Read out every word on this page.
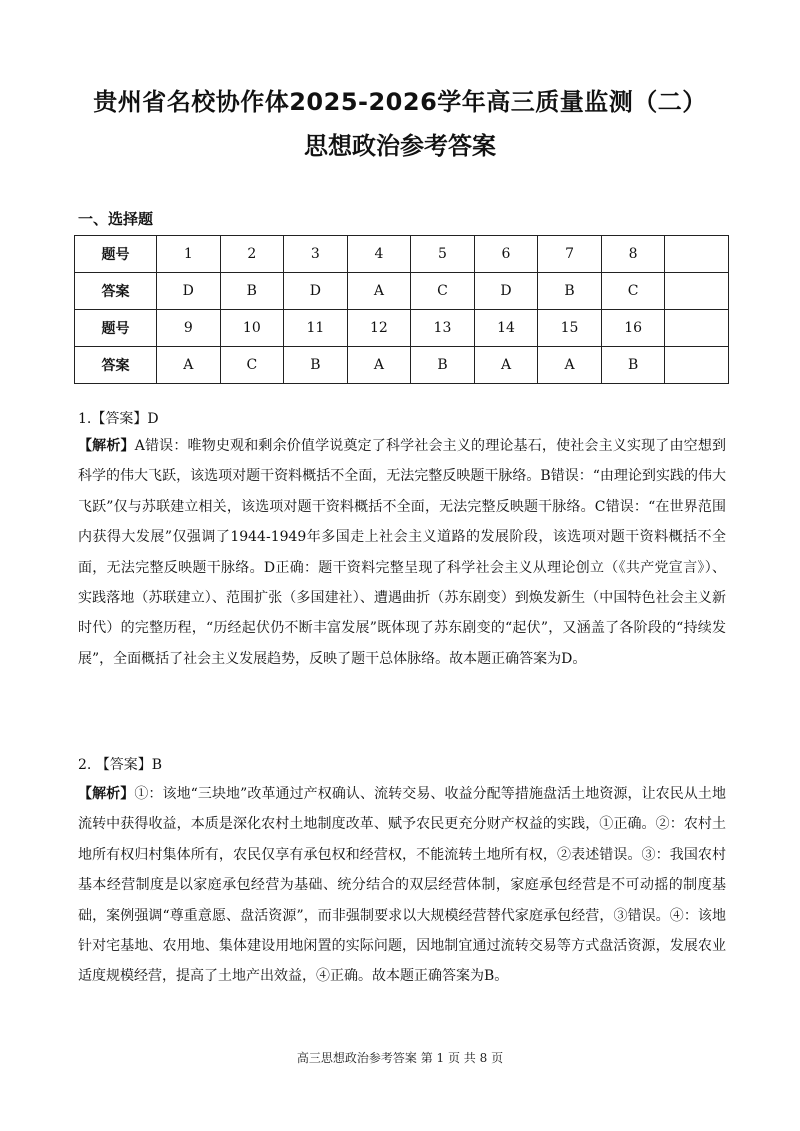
贵州省名校协作体2025-2026学年高三质量监测（二）
思想政治参考答案
一、选择题
题号	1	2	3	4	5	6	7	8	
答案	D	B	D	A	C	D	B	C	
题号	9	10	11	12	13	14	15	16	
答案	A	C	B	A	B	A	A	B	
1.【答案】D
【解析】A错误：唯物史观和剩余价值学说奠定了科学社会主义的理论基石，使社会主义实现了由空想到科学的伟大飞跃，该选项对题干资料概括不全面，无法完整反映题干脉络。B错误：“由理论到实践的伟大飞跃”仅与苏联建立相关，该选项对题干资料概括不全面，无法完整反映题干脉络。C错误：“在世界范围内获得大发展”仅强调了1944-1949年多国走上社会主义道路的发展阶段，该选项对题干资料概括不全面，无法完整反映题干脉络。D正确：题干资料完整呈现了科学社会主义从理论创立（《共产党宣言》）、实践落地（苏联建立）、范围扩张（多国建社）、遭遇曲折（苏东剧变）到焕发新生（中国特色社会主义新时代）的完整历程，“历经起伏仍不断丰富发展”既体现了苏东剧变的“起伏”，又涵盖了各阶段的“持续发展”，全面概括了社会主义发展趋势，反映了题干总体脉络。故本题正确答案为D。
2. 【答案】B
【解析】①：该地“三块地”改革通过产权确认、流转交易、收益分配等措施盘活土地资源，让农民从土地流转中获得收益，本质是深化农村土地制度改革、赋予农民更充分财产权益的实践，①正确。②：农村土地所有权归村集体所有，农民仅享有承包权和经营权，不能流转土地所有权，②表述错误。③：我国农村基本经营制度是以家庭承包经营为基础、统分结合的双层经营体制，家庭承包经营是不可动摇的制度基础，案例强调“尊重意愿、盘活资源”，而非强制要求以大规模经营替代家庭承包经营，③错误。④：该地针对宅基地、农用地、集体建设用地闲置的实际问题，因地制宜通过流转交易等方式盘活资源，发展农业适度规模经营，提高了土地产出效益，④正确。故本题正确答案为B。
高三思想政治参考答案 第 1 页 共 8 页
